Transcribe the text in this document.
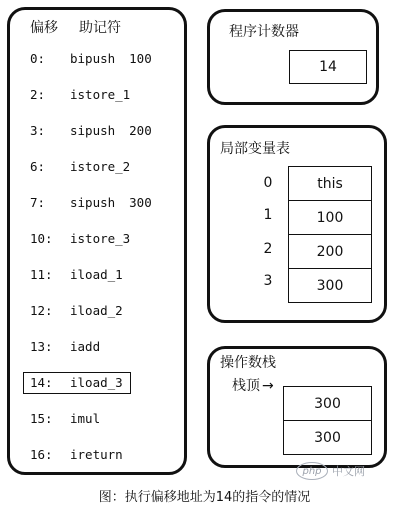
偏移 助记符
0: bipush 100
2: istore_1
3: sipush 200
6: istore_2
7: sipush 300
10: istore_3
11: iload_1
12: iload_2
13: iadd
14: iload_3
15: imul
16: ireturn
程序计数器
14
局部变量表
0	this
1	100
2	200
3	300
操作数栈
栈顶 →
300
300
php 中文网
图：执行偏移地址为14的指令的情况
